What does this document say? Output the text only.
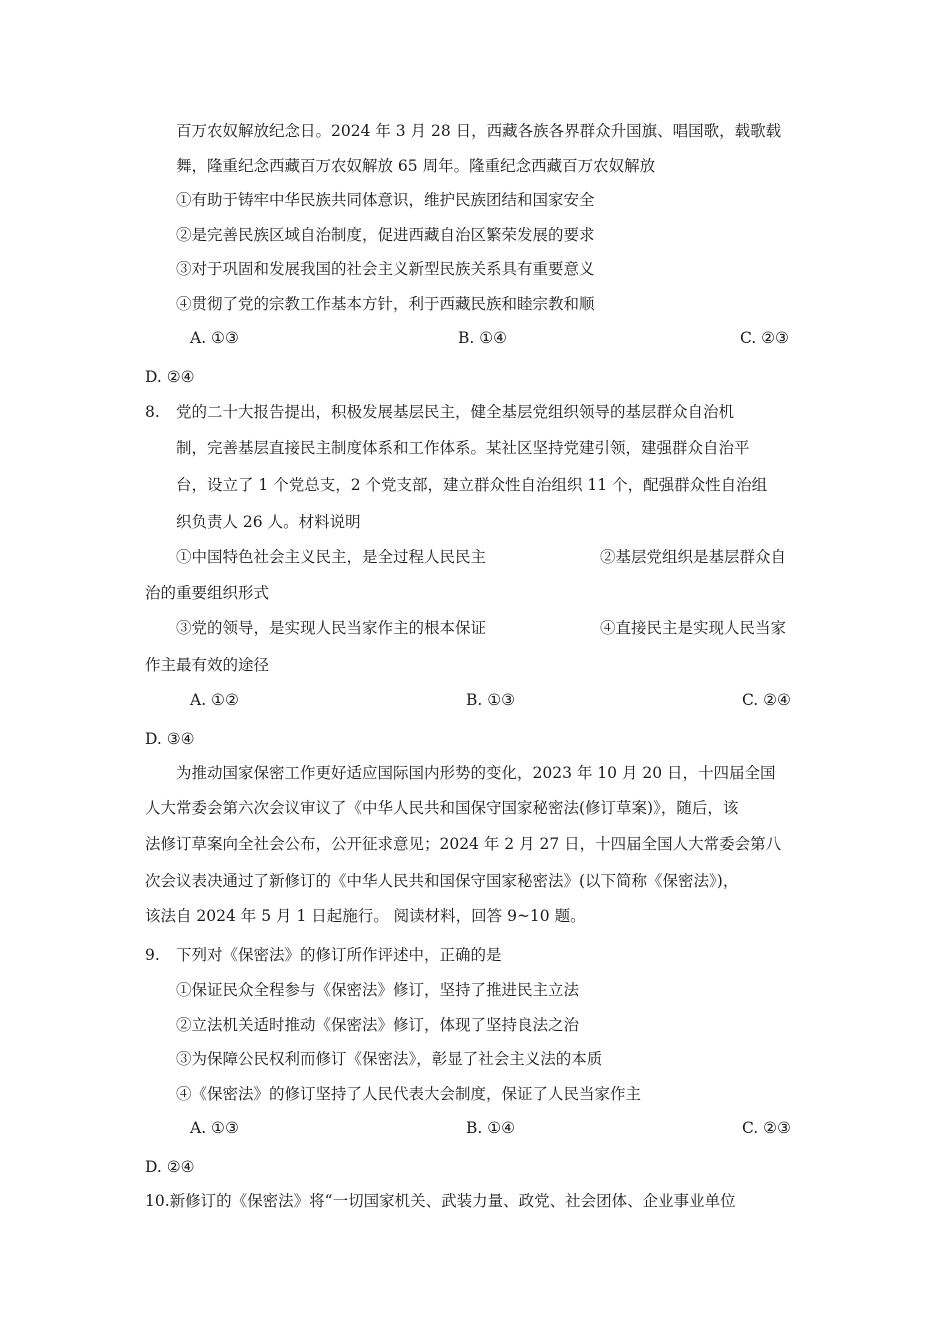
百万农奴解放纪念日。2024 年 3 月 28 日，西藏各族各界群众升国旗、唱国歌，载歌载
舞，隆重纪念西藏百万农奴解放 65 周年。隆重纪念西藏百万农奴解放
①有助于铸牢中华民族共同体意识，维护民族团结和国家安全
②是完善民族区域自治制度，促进西藏自治区繁荣发展的要求
③对于巩固和发展我国的社会主义新型民族关系具有重要意义
④贯彻了党的宗教工作基本方针，利于西藏民族和睦宗教和顺
A. ①③	B. ①④	C. ②③
D. ②④
8. 党的二十大报告提出，积极发展基层民主，健全基层党组织领导的基层群众自治机
制，完善基层直接民主制度体系和工作体系。某社区坚持党建引领，建强群众自治平
台，设立了 1 个党总支，2 个党支部，建立群众性自治组织 11 个，配强群众性自治组
织负责人 26 人。材料说明
①中国特色社会主义民主，是全过程人民民主	②基层党组织是基层群众自
治的重要组织形式
③党的领导，是实现人民当家作主的根本保证	④直接民主是实现人民当家
作主最有效的途径
A. ①②	B. ①③	C. ②④
D. ③④
为推动国家保密工作更好适应国际国内形势的变化，2023 年 10 月 20 日，十四届全国
人大常委会第六次会议审议了《中华人民共和国保守国家秘密法(修订草案)》，随后，该
法修订草案向全社会公布，公开征求意见；2024 年 2 月 27 日，十四届全国人大常委会第八
次会议表决通过了新修订的《中华人民共和国保守国家秘密法》(以下简称《保密法》)，
该法自 2024 年 5 月 1 日起施行。 阅读材料，回答 9~10 题。
9. 下列对《保密法》的修订所作评述中，正确的是
①保证民众全程参与《保密法》修订，坚持了推进民主立法
②立法机关适时推动《保密法》修订，体现了坚持良法之治
③为保障公民权利而修订《保密法》，彰显了社会主义法的本质
④《保密法》的修订坚持了人民代表大会制度，保证了人民当家作主
A. ①③	B. ①④	C. ②③
D. ②④
10.新修订的《保密法》将“一切国家机关、武装力量、政党、社会团体、企业事业单位
